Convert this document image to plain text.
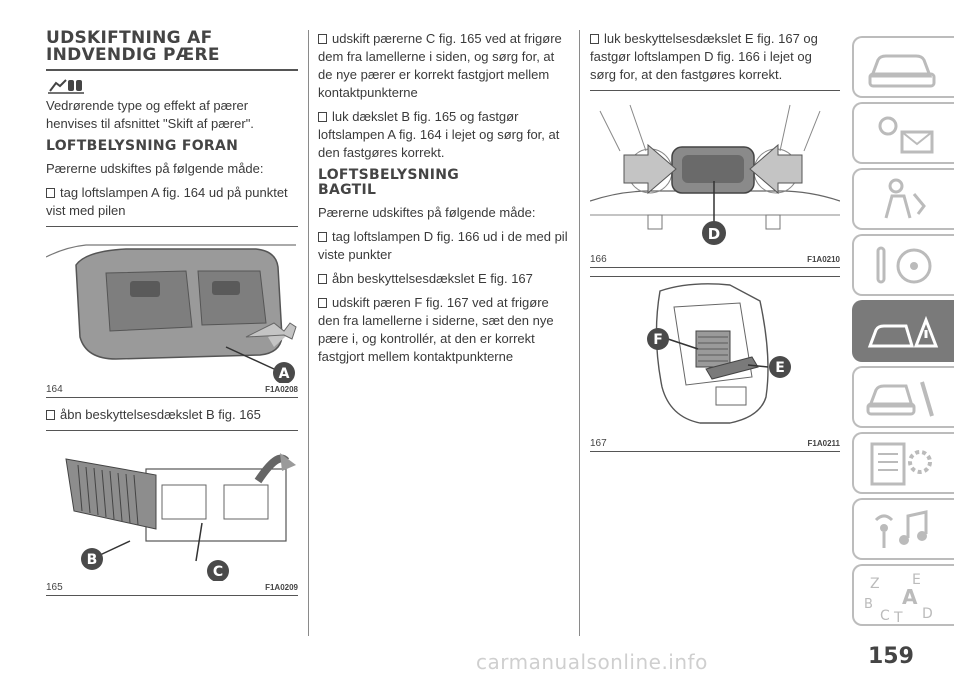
UDSKIFTNING AF
INDVENDIG PÆRE

Vedrørende type og effekt af pærer henvises til afsnittet "Skift af pærer".

LOFTBELYSNING FORAN

Pærerne udskiftes på følgende måde:

tag loftslampen A fig. 164 ud på punktet vist med pilen

A
164	F1A0208

åbn beskyttelsesdækslet B fig. 165

B
C
165	F1A0209

udskift pærerne C fig. 165 ved at frigøre dem fra lamellerne i siden, og sørg for, at de nye pærer er korrekt fastgjort mellem kontaktpunkterne

luk dækslet B fig. 165 og fastgør loftslampen A fig. 164 i lejet og sørg for, at den fastgøres korrekt.

LOFTSBELYSNING
BAGTIL

Pærerne udskiftes på følgende måde:

tag loftslampen D fig. 166 ud i de med pil viste punkter

åbn beskyttelsesdækslet E fig. 167

udskift pæren F fig. 167 ved at frigøre den fra lamellerne i siderne, sæt den nye pære i, og kontrollér, at den er korrekt fastgjort mellem kontaktpunkterne

luk beskyttelsesdækslet E fig. 167 og fastgør loftslampen D fig. 166 i lejet og sørg for, at den fastgøres korrekt.

D
166	F1A0210
F
E
167	F1A0211
Z E
A
B
C T D
159
carmanualsonline.info
